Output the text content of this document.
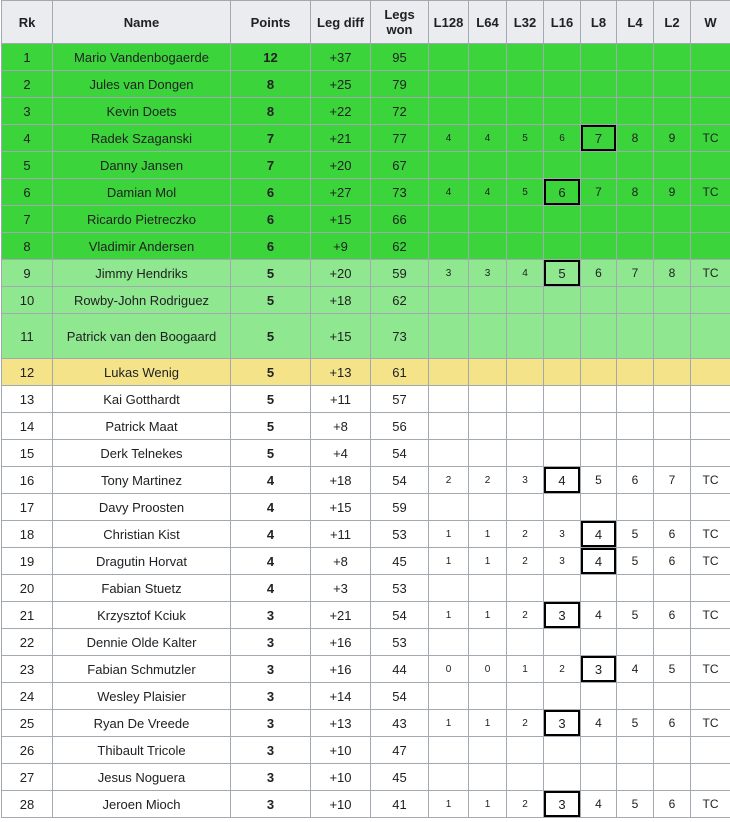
Rk	Name	Points	Leg diff	Legs won	L128	L64	L32	L16	L8	L4	L2	W
1	Mario Vandenbogaerde	12	+37	95								
2	Jules van Dongen	8	+25	79								
3	Kevin Doets	8	+22	72								
4	Radek Szaganski	7	+21	77	4	4	5	6	7	8	9	TC
5	Danny Jansen	7	+20	67								
6	Damian Mol	6	+27	73	4	4	5	6	7	8	9	TC
7	Ricardo Pietreczko	6	+15	66								
8	Vladimir Andersen	6	+9	62								
9	Jimmy Hendriks	5	+20	59	3	3	4	5	6	7	8	TC
10	Rowby-John Rodriguez	5	+18	62								
11	Patrick van den Boogaard	5	+15	73								
12	Lukas Wenig	5	+13	61								
13	Kai Gotthardt	5	+11	57								
14	Patrick Maat	5	+8	56								
15	Derk Telnekes	5	+4	54								
16	Tony Martinez	4	+18	54	2	2	3	4	5	6	7	TC
17	Davy Proosten	4	+15	59								
18	Christian Kist	4	+11	53	1	1	2	3	4	5	6	TC
19	Dragutin Horvat	4	+8	45	1	1	2	3	4	5	6	TC
20	Fabian Stuetz	4	+3	53								
21	Krzysztof Kciuk	3	+21	54	1	1	2	3	4	5	6	TC
22	Dennie Olde Kalter	3	+16	53								
23	Fabian Schmutzler	3	+16	44	0	0	1	2	3	4	5	TC
24	Wesley Plaisier	3	+14	54								
25	Ryan De Vreede	3	+13	43	1	1	2	3	4	5	6	TC
26	Thibault Tricole	3	+10	47								
27	Jesus Noguera	3	+10	45								
28	Jeroen Mioch	3	+10	41	1	1	2	3	4	5	6	TC
